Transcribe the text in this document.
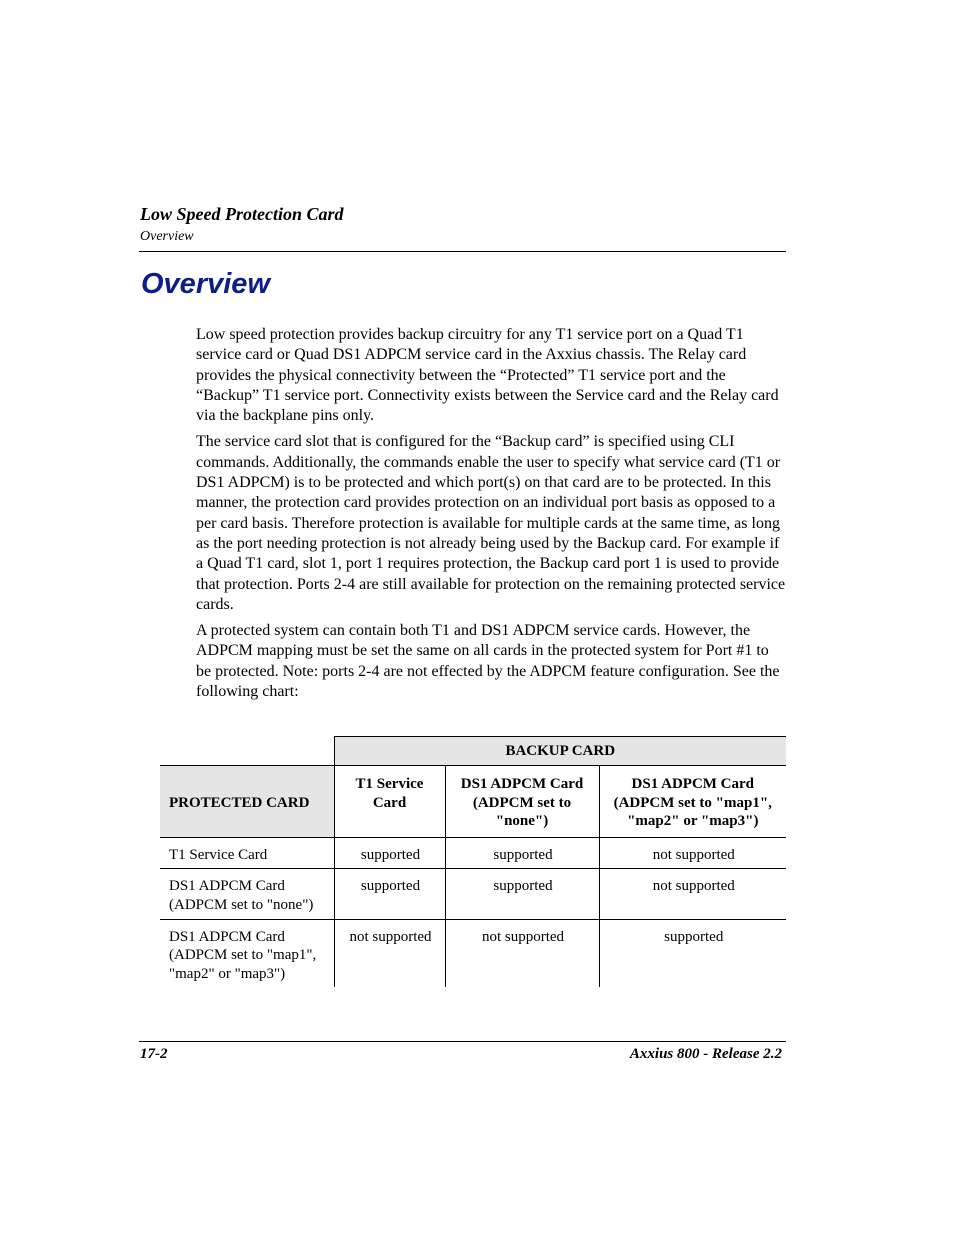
Low Speed Protection Card
Overview
Overview

Low speed protection provides backup circuitry for any T1 service port on a Quad T1 service card or Quad DS1 ADPCM service card in the Axxius chassis. The Relay card provides the physical connectivity between the “Protected” T1 service port and the “Backup” T1 service port. Connectivity exists between the Service card and the Relay card via the backplane pins only.

The service card slot that is configured for the “Backup card” is specified using CLI commands. Additionally, the commands enable the user to specify what service card (T1 or DS1 ADPCM) is to be protected and which port(s) on that card are to be protected. In this manner, the protection card provides protection on an individual port basis as opposed to a per card basis. Therefore protection is available for multiple cards at the same time, as long as the port needing protection is not already being used by the Backup card. For example if a Quad T1 card, slot 1, port 1 requires protection, the Backup card port 1 is used to provide that protection. Ports 2-4 are still available for protection on the remaining protected service cards.

A protected system can contain both T1 and DS1 ADPCM service cards. However, the ADPCM mapping must be set the same on all cards in the protected system for Port #1 to be protected. Note: ports 2-4 are not effected by the ADPCM feature configuration. See the following chart:

	BACKUP CARD		
PROTECTED CARD	T1 Service Card	DS1 ADPCM Card (ADPCM set to "none")	DS1 ADPCM Card (ADPCM set to "map1", "map2" or "map3")
T1 Service Card	supported	supported	not supported
DS1 ADPCM Card (ADPCM set to "none")	supported	supported	not supported
DS1 ADPCM Card (ADPCM set to "map1", "map2" or "map3")	not supported	not supported	supported
17-2	Axxius 800 - Release 2.2
